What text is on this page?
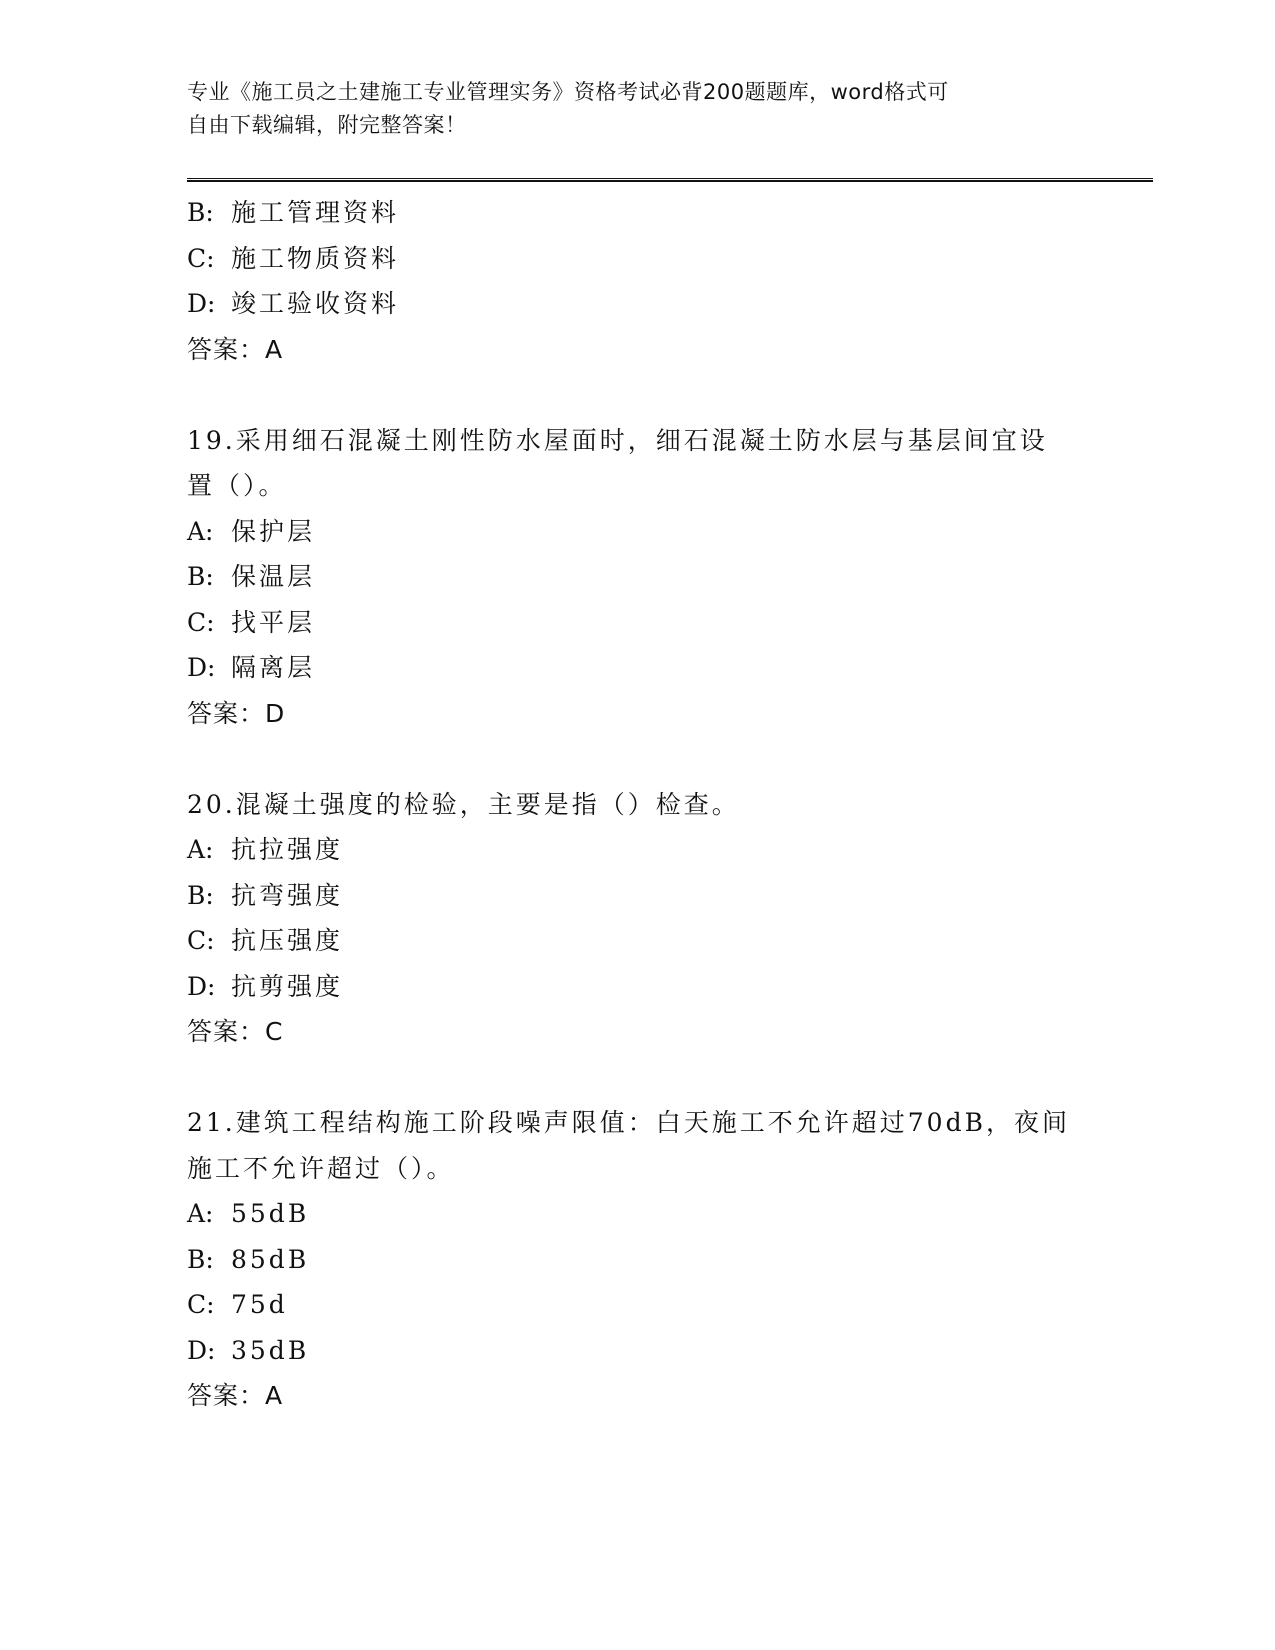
专业《施工员之土建施工专业管理实务》资格考试必背200题题库，word格式可
自由下载编辑，附完整答案！
B: 施工管理资料
C: 施工物质资料
D: 竣工验收资料
答案：A
19.采用细石混凝土刚性防水屋面时，细石混凝土防水层与基层间宜设
置（）。
A: 保护层
B: 保温层
C: 找平层
D: 隔离层
答案：D
20.混凝土强度的检验，主要是指（）检查。
A: 抗拉强度
B: 抗弯强度
C: 抗压强度
D: 抗剪强度
答案：C
21.建筑工程结构施工阶段噪声限值：白天施工不允许超过70dB，夜间
施工不允许超过（）。
A: 55dB
B: 85dB
C: 75d
D: 35dB
答案：A
